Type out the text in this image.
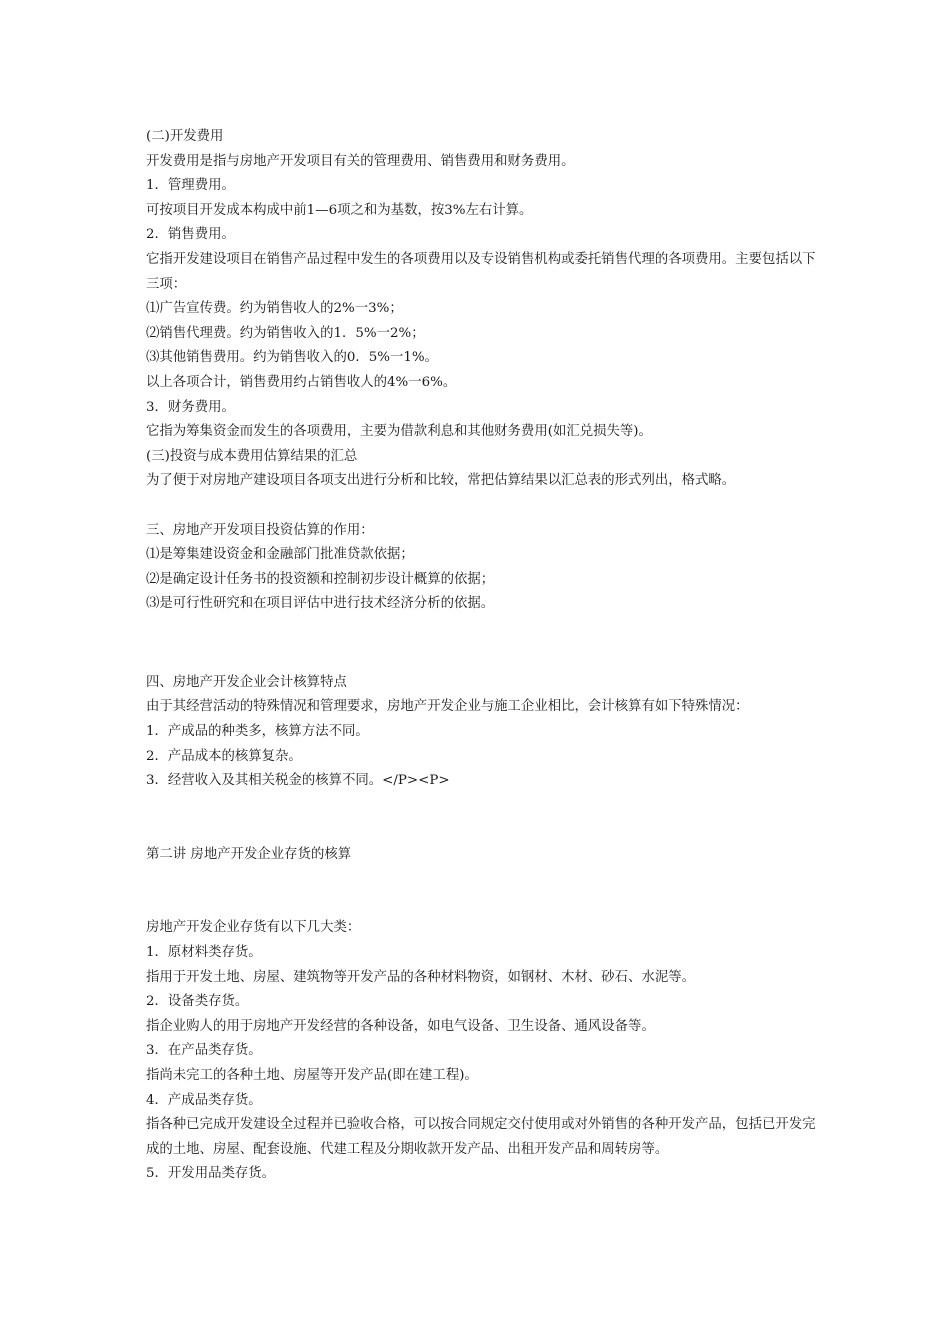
(二)开发费用
开发费用是指与房地产开发项目有关的管理费用、销售费用和财务费用。
1．管理费用。
可按项目开发成本构成中前1—6项之和为基数，按3%左右计算。
2．销售费用。
它指开发建设项目在销售产品过程中发生的各项费用以及专设销售机构或委托销售代理的各项费用。主要包括以下三项：
⑴广告宣传费。约为销售收人的2%一3%；
⑵销售代理费。约为销售收入的1．5%一2%；
⑶其他销售费用。约为销售收入的0．5%一1%。
以上各项合计，销售费用约占销售收人的4%一6%。
3．财务费用。
它指为筹集资金而发生的各项费用，主要为借款利息和其他财务费用(如汇兑损失等)。
(三)投资与成本费用估算结果的汇总
为了便于对房地产建设项目各项支出进行分析和比较，常把估算结果以汇总表的形式列出，格式略。
三、房地产开发项目投资估算的作用：
⑴是筹集建设资金和金融部门批准贷款依据；
⑵是确定设计任务书的投资额和控制初步设计概算的依据；
⑶是可行性研究和在项目评估中进行技术经济分析的依据。
四、房地产开发企业会计核算特点
由于其经营活动的特殊情况和管理要求，房地产开发企业与施工企业相比，会计核算有如下特殊情况：
1．产成品的种类多，核算方法不同。
2．产品成本的核算复杂。
3．经营收入及其相关税金的核算不同。</P><P>
第二讲 房地产开发企业存货的核算
房地产开发企业存货有以下几大类：
1．原材料类存货。
指用于开发土地、房屋、建筑物等开发产品的各种材料物资，如钢材、木材、砂石、水泥等。
2．设备类存货。
指企业购人的用于房地产开发经营的各种设备，如电气设备、卫生设备、通风设备等。
3．在产品类存货。
指尚未完工的各种土地、房屋等开发产品(即在建工程)。
4．产成品类存货。
指各种已完成开发建设全过程并已验收合格，可以按合同规定交付使用或对外销售的各种开发产品，包括已开发完成的土地、房屋、配套设施、代建工程及分期收款开发产品、出租开发产品和周转房等。
5．开发用品类存货。
